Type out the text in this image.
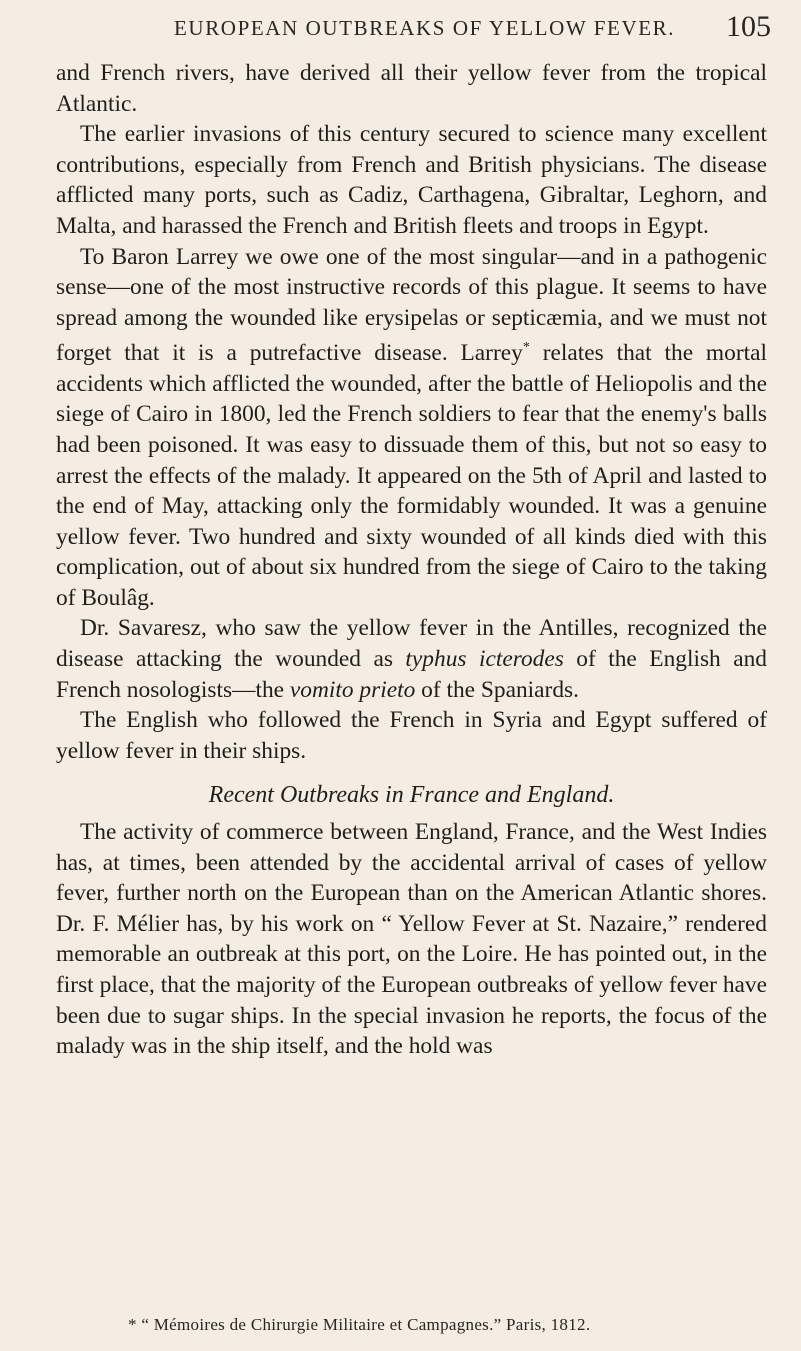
EUROPEAN OUTBREAKS OF YELLOW FEVER. 105

and French rivers, have derived all their yellow fever from the tropical Atlantic.

The earlier invasions of this century secured to science many excellent contributions, especially from French and British physicians. The disease afflicted many ports, such as Cadiz, Carthagena, Gibraltar, Leghorn, and Malta, and harassed the French and British fleets and troops in Egypt.

To Baron Larrey we owe one of the most singular—and in a pathogenic sense—one of the most instructive records of this plague. It seems to have spread among the wounded like erysipelas or septicæmia, and we must not forget that it is a putrefactive disease. Larrey* relates that the mortal accidents which afflicted the wounded, after the battle of Heliopolis and the siege of Cairo in 1800, led the French soldiers to fear that the enemy's balls had been poisoned. It was easy to dissuade them of this, but not so easy to arrest the effects of the malady. It appeared on the 5th of April and lasted to the end of May, attacking only the formidably wounded. It was a genuine yellow fever. Two hundred and sixty wounded of all kinds died with this complication, out of about six hundred from the siege of Cairo to the taking of Boulâg.

Dr. Savaresz, who saw the yellow fever in the Antilles, recognized the disease attacking the wounded as typhus icterodes of the English and French nosologists—the vomito prieto of the Spaniards.

The English who followed the French in Syria and Egypt suffered of yellow fever in their ships.

Recent Outbreaks in France and England.

The activity of commerce between England, France, and the West Indies has, at times, been attended by the accidental arrival of cases of yellow fever, further north on the European than on the American Atlantic shores. Dr. F. Mélier has, by his work on “ Yellow Fever at St. Nazaire,” rendered memorable an outbreak at this port, on the Loire. He has pointed out, in the first place, that the majority of the European outbreaks of yellow fever have been due to sugar ships. In the special invasion he reports, the focus of the malady was in the ship itself, and the hold was

* “ Mémoires de Chirurgie Militaire et Campagnes.” Paris, 1812.
